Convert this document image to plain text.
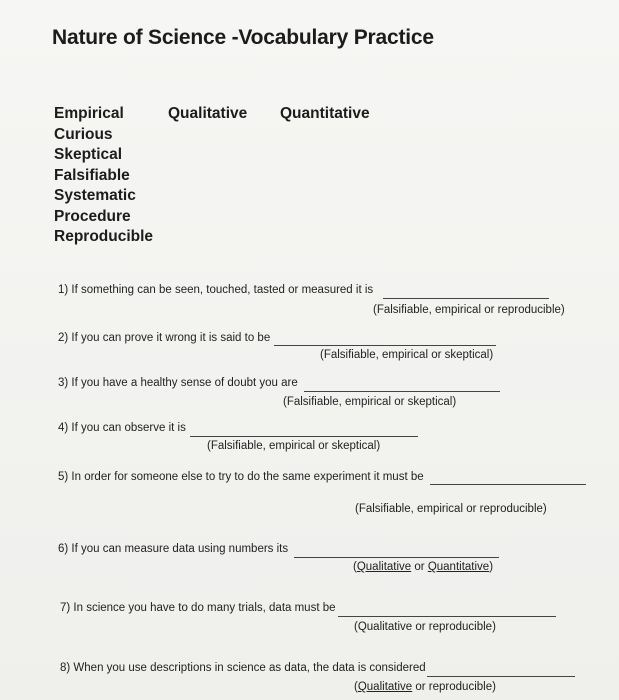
Nature of Science -Vocabulary Practice
Empirical
Curious
Skeptical
Falsifiable
Systematic
Procedure
Reproducible
Qualitative Quantitative
1) If something can be seen, touched, tasted or measured it is
(Falsifiable, empirical or reproducible)
2) If you can prove it wrong it is said to be
(Falsifiable, empirical or skeptical)
3) If you have a healthy sense of doubt you are
(Falsifiable, empirical or skeptical)
4) If you can observe it is
(Falsifiable, empirical or skeptical)
5) In order for someone else to try to do the same experiment it must be
(Falsifiable, empirical or reproducible)
6) If you can measure data using numbers its
(Qualitative or Quantitative)
7) In science you have to do many trials, data must be
(Qualitative or reproducible)
8) When you use descriptions in science as data, the data is considered
(Qualitative or reproducible)
